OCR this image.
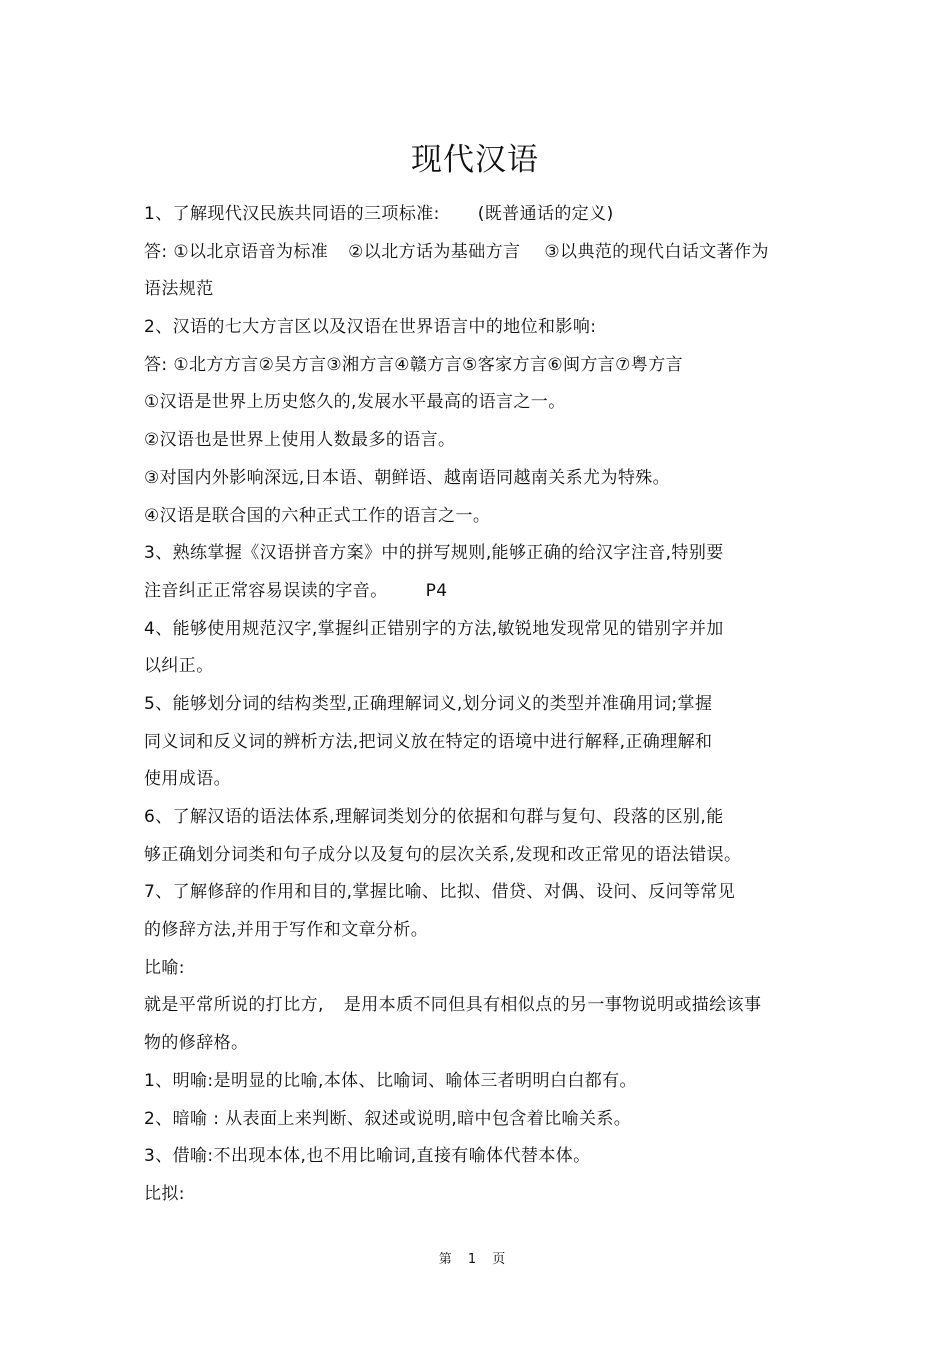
现代汉语
1、了解现代汉民族共同语的三项标准: (既普通话的定义)
答: ①以北京语音为标准 ②以北方话为基础方言 ③以典范的现代白话文著作为
语法规范
2、汉语的七大方言区以及汉语在世界语言中的地位和影响:
答: ①北方方言②吴方言③湘方言④赣方言⑤客家方言⑥闽方言⑦粤方言
①汉语是世界上历史悠久的,发展水平最高的语言之一。
②汉语也是世界上使用人数最多的语言。
③对国内外影响深远,日本语、朝鲜语、越南语同越南关系尤为特殊。
④汉语是联合国的六种正式工作的语言之一。
3、熟练掌握《汉语拼音方案》中的拼写规则,能够正确的给汉字注音,特别要
注音纠正正常容易误读的字音。 P4
4、能够使用规范汉字,掌握纠正错别字的方法,敏锐地发现常见的错别字并加
以纠正。
5、能够划分词的结构类型,正确理解词义,划分词义的类型并准确用词;掌握
同义词和反义词的辨析方法,把词义放在特定的语境中进行解释,正确理解和
使用成语。
6、了解汉语的语法体系,理解词类划分的依据和句群与复句、段落的区别,能
够正确划分词类和句子成分以及复句的层次关系,发现和改正常见的语法错误。
7、了解修辞的作用和目的,掌握比喻、比拟、借贷、对偶、设问、反问等常见
的修辞方法,并用于写作和文章分析。
比喻:
就是平常所说的打比方, 是用本质不同但具有相似点的另一事物说明或描绘该事
物的修辞格。
1、明喻:是明显的比喻,本体、比喻词、喻体三者明明白白都有。
2、暗喻 : 从表面上来判断、叙述或说明,暗中包含着比喻关系。
3、借喻:不出现本体,也不用比喻词,直接有喻体代替本体。
比拟:
第 1 页
